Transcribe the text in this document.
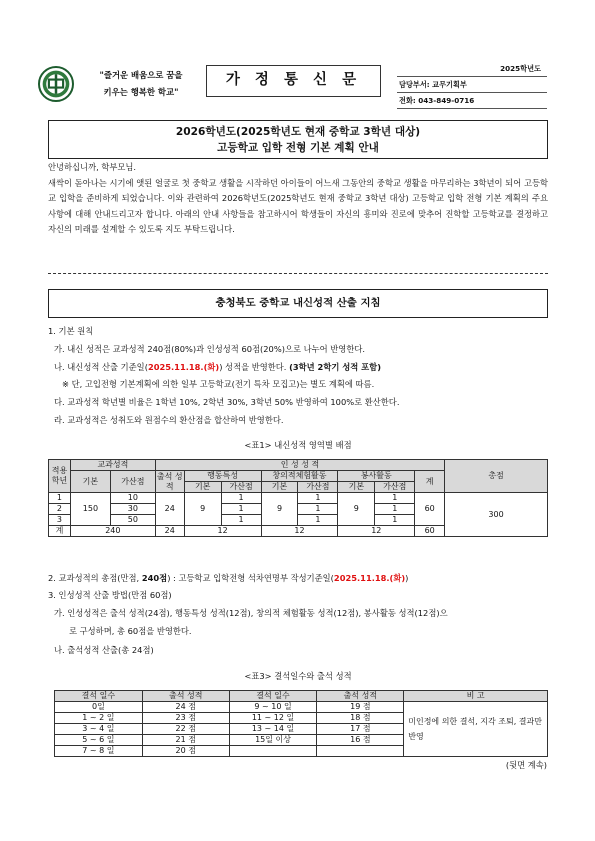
"즐거운 배움으로 꿈을
키우는 행복한 학교"
가 정 통 신 문
2025학년도
담당부서: 교무기획부
전화: 043-849-0716
2026학년도(2025학년도 현재 중학교 3학년 대상)
고등학교 입학 전형 기본 계획 안내

안녕하십니까, 학부모님.

새싹이 돋아나는 시기에 앳된 얼굴로 첫 중학교 생활을 시작하던 아이들이 어느새 그동안의 중학교 생활을 마무리하는 3학년이 되어 고등학교 입학을 준비하게 되었습니다. 이와 관련하여 2026학년도(2025학년도 현재 중학교 3학년 대상) 고등학교 입학 전형 기본 계획의 주요 사항에 대해 안내드리고자 합니다. 아래의 안내 사항들을 참고하시어 학생들이 자신의 흥미와 진로에 맞추어 진학할 고등학교를 결정하고 자신의 미래를 설계할 수 있도록 지도 부탁드립니다.

충청북도 중학교 내신성적 산출 지침
1. 기본 원칙
가. 내신 성적은 교과성적 240점(80%)과 인성성적 60점(20%)으로 나누어 반영한다.
나. 내신성적 산출 기준일(2025.11.18.(화)) 성적을 반영한다. (3학년 2학기 성적 포함)
※ 단, 고입전형 기본계획에 의한 일부 고등학교(전기 특차 모집고)는 별도 계획에 따름.
다. 교과성적 학년별 비율은 1학년 10%, 2학년 30%, 3학년 50% 반영하여 100%로 환산한다.
라. 교과성적은 성취도와 원점수의 환산점을 합산하여 반영한다.
<표1> 내신성적 영역별 배점
적용 학년	교과성적		인 성 성 적								총점
	기본	가산점	출석 성적	행동특성		창의적체험활동		봉사활동		계	
				기본	가산점	기본	가산점	기본	가산점		
1	150	10	24	9	1	9	1	9	1	60	300
2		30			1		1		1		
3		50			1		1		1		
계	240		24	12		12		12		60	
2. 교과성적의 총점(만점, 240점) : 고등학교 입학전형 석차연명부 작성기준일(2025.11.18.(화))
3. 인성성적 산출 방법(만점 60점)
가. 인성성적은 출석 성적(24점), 행동특성 성적(12점), 창의적 체험활동 성적(12점), 봉사활동 성적(12점)으
로 구성하며, 총 60점을 반영한다.
나. 출석성적 산출(총 24점)
<표3> 결석일수와 출석 성적
결석 일수	출석 성적	결석 일수	출석 성적	비 고
0일	24 점	9 ~ 10 일	19 점	미인정에 의한 결석, 지각 조퇴, 결과만 반영
1 ~ 2 일	23 점	11 ~ 12 일	18 점	
3 ~ 4 일	22 점	13 ~ 14 일	17 점	
5 ~ 6 일	21 점	15일 이상	16 점	
7 ~ 8 일	20 점			
(뒷면 계속)
